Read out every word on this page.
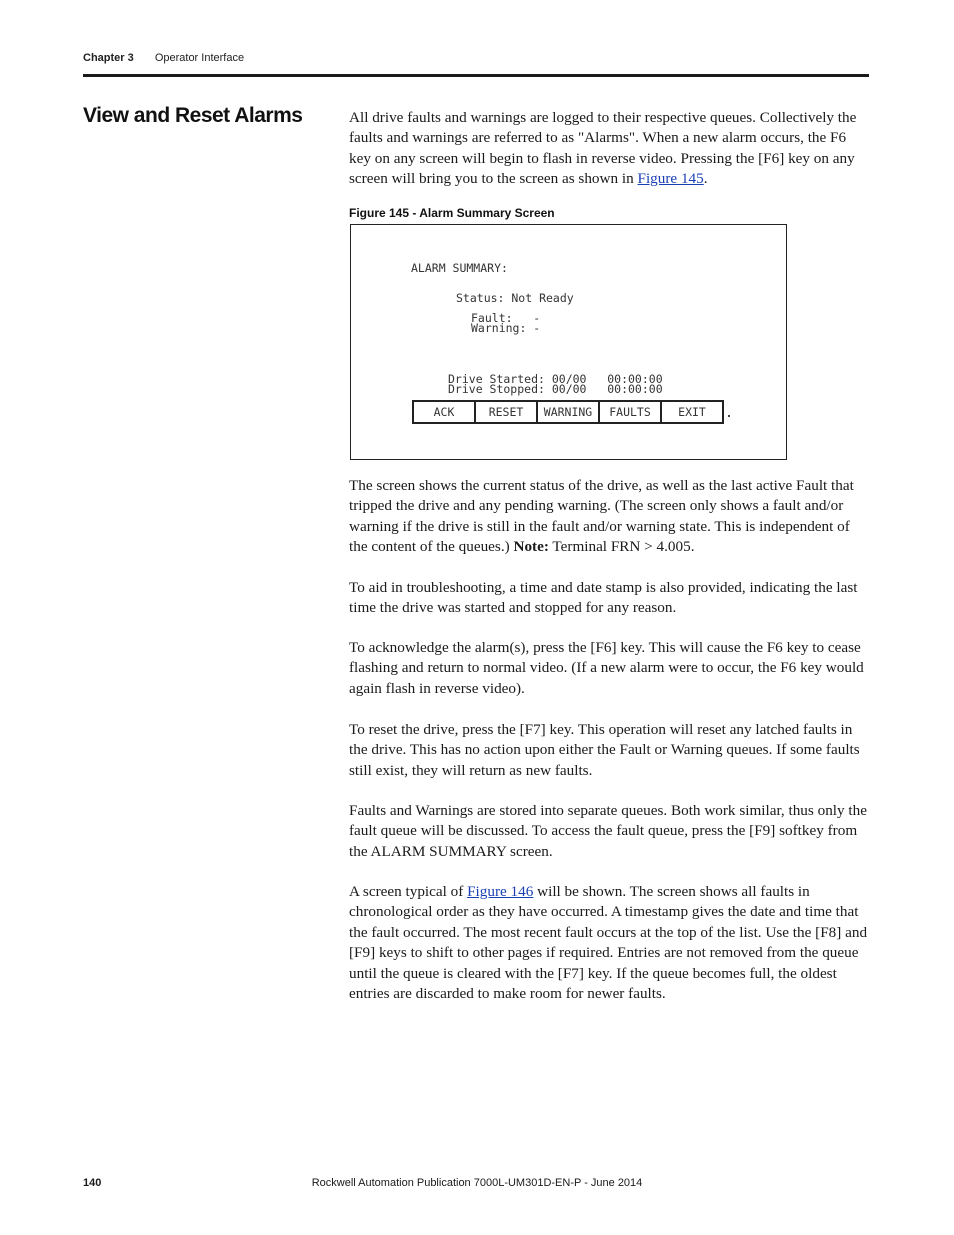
Chapter 3 Operator Interface
View and Reset Alarms	All drive faults and warnings are logged to their respective queues. Collectively the faults and warnings are referred to as "Alarms". When a new alarm occurs, the F6 key on any screen will begin to flash in reverse video. Pressing the [F6] key on any screen will bring you to the screen as shown in Figure 145.

Figure 145 - Alarm Summary Screen
ALARM SUMMARY:
Status: Not Ready
Fault:   -
Warning: -
Drive Started: 00/00   00:00:00
Drive Stopped: 00/00   00:00:00
ACK	RESET	WARNING	FAULTS	EXIT

The screen shows the current status of the drive, as well as the last active Fault that tripped the drive and any pending warning. (The screen only shows a fault and/or warning if the drive is still in the fault and/or warning state. This is independent of the content of the queues.) Note: Terminal FRN > 4.005.

To aid in troubleshooting, a time and date stamp is also provided, indicating the last time the drive was started and stopped for any reason.

To acknowledge the alarm(s), press the [F6] key. This will cause the F6 key to cease flashing and return to normal video. (If a new alarm were to occur, the F6 key would again flash in reverse video).

To reset the drive, press the [F7] key. This operation will reset any latched faults in the drive. This has no action upon either the Fault or Warning queues. If some faults still exist, they will return as new faults.

Faults and Warnings are stored into separate queues. Both work similar, thus only the fault queue will be discussed. To access the fault queue, press the [F9] softkey from the ALARM SUMMARY screen.

A screen typical of Figure 146 will be shown. The screen shows all faults in chronological order as they have occurred. A timestamp gives the date and time that the fault occurred. The most recent fault occurs at the top of the list. Use the [F8] and [F9] keys to shift to other pages if required. Entries are not removed from the queue until the queue is cleared with the [F7] key. If the queue becomes full, the oldest entries are discarded to make room for newer faults.

140	Rockwell Automation Publication 7000L-UM301D-EN-P - June 2014
